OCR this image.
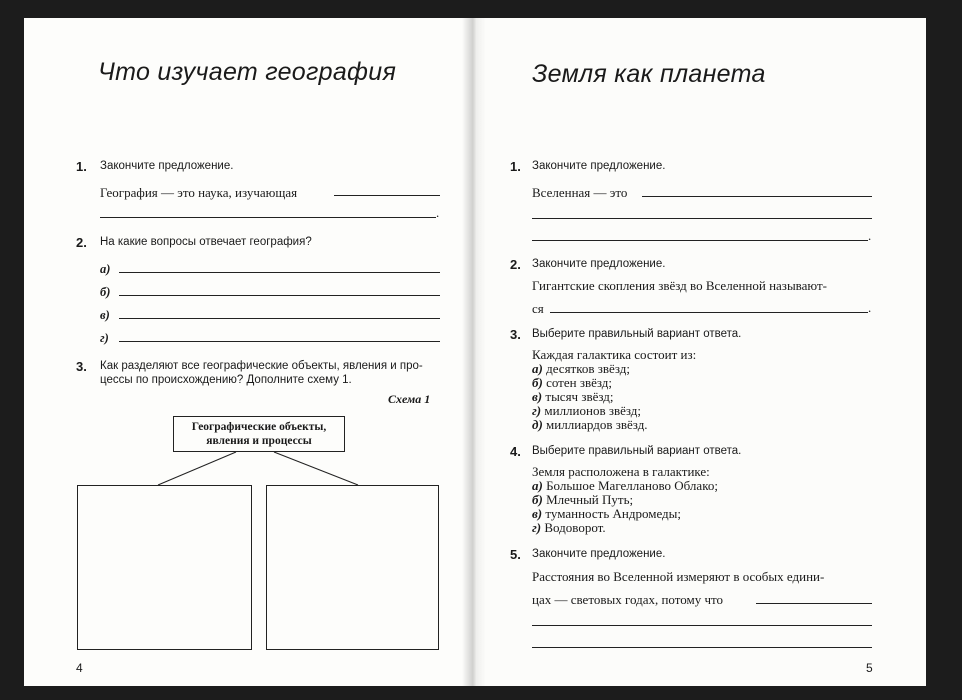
Что изучает география
1. Закончите предложение.
География — это наука, изучающая
.
2. На какие вопросы отвечает география?
а)
б)
в)
г)
3. Как разделяют все географические объекты, явления и про-
цессы по происхождению? Дополните схему 1.
Схема 1
Географические объекты,
явления и процессы
4
Земля как планета
1. Закончите предложение.
Вселенная — это
.
2. Закончите предложение.
Гигантские скопления звёзд во Вселенной называют-
ся	.
3. Выберите правильный вариант ответа.
Каждая галактика состоит из:
а) десятков звёзд;
б) сотен звёзд;
в) тысяч звёзд;
г) миллионов звёзд;
д) миллиардов звёзд.
4. Выберите правильный вариант ответа.
Земля расположена в галактике:
а) Большое Магелланово Облако;
б) Млечный Путь;
в) туманность Андромеды;
г) Водоворот.
5. Закончите предложение.
Расстояния во Вселенной измеряют в особых едини-
цах — световых годах, потому что
5
